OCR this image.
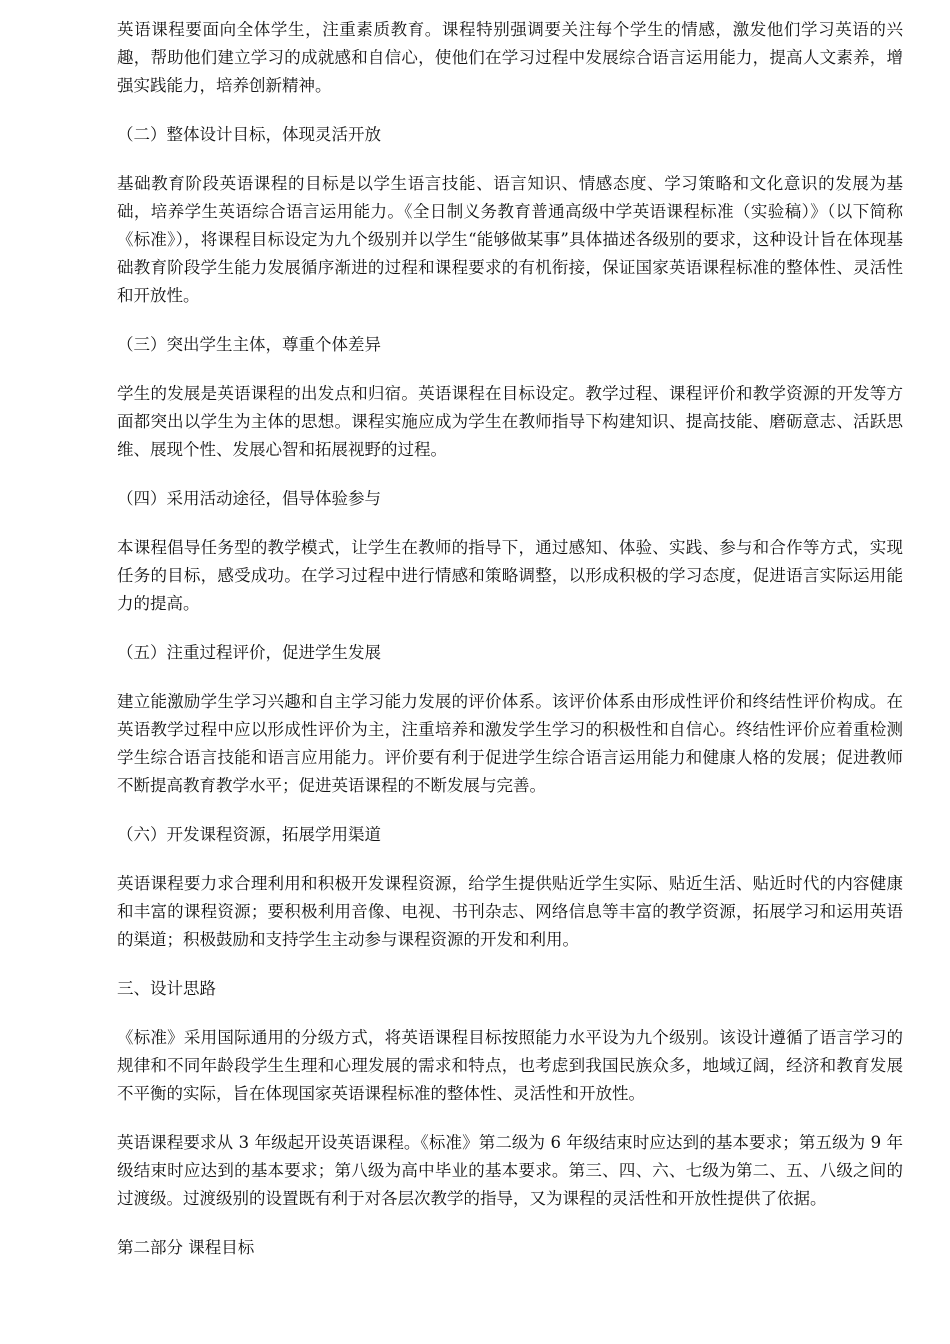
英语课程要面向全体学生，注重素质教育。课程特别强调要关注每个学生的情感，激发他们学习英语的兴趣，帮助他们建立学习的成就感和自信心，使他们在学习过程中发展综合语言运用能力，提高人文素养，增强实践能力，培养创新精神。

（二）整体设计目标，体现灵活开放

基础教育阶段英语课程的目标是以学生语言技能、语言知识、情感态度、学习策略和文化意识的发展为基础，培养学生英语综合语言运用能力。《全日制义务教育普通高级中学英语课程标准（实验稿）》（以下简称《标准》），将课程目标设定为九个级别并以学生“能够做某事”具体描述各级别的要求，这种设计旨在体现基础教育阶段学生能力发展循序渐进的过程和课程要求的有机衔接，保证国家英语课程标准的整体性、灵活性和开放性。

（三）突出学生主体，尊重个体差异

学生的发展是英语课程的出发点和归宿。英语课程在目标设定。教学过程、课程评价和教学资源的开发等方面都突出以学生为主体的思想。课程实施应成为学生在教师指导下构建知识、提高技能、磨砺意志、活跃思维、展现个性、发展心智和拓展视野的过程。

（四）采用活动途径，倡导体验参与

本课程倡导任务型的教学模式，让学生在教师的指导下，通过感知、体验、实践、参与和合作等方式，实现任务的目标，感受成功。在学习过程中进行情感和策略调整，以形成积极的学习态度，促进语言实际运用能力的提高。

（五）注重过程评价，促进学生发展

建立能激励学生学习兴趣和自主学习能力发展的评价体系。该评价体系由形成性评价和终结性评价构成。在英语教学过程中应以形成性评价为主，注重培养和激发学生学习的积极性和自信心。终结性评价应着重检测学生综合语言技能和语言应用能力。评价要有利于促进学生综合语言运用能力和健康人格的发展；促进教师不断提高教育教学水平；促进英语课程的不断发展与完善。

（六）开发课程资源，拓展学用渠道

英语课程要力求合理利用和积极开发课程资源，给学生提供贴近学生实际、贴近生活、贴近时代的内容健康和丰富的课程资源；要积极利用音像、电视、书刊杂志、网络信息等丰富的教学资源，拓展学习和运用英语的渠道；积极鼓励和支持学生主动参与课程资源的开发和利用。

三、设计思路

《标准》采用国际通用的分级方式，将英语课程目标按照能力水平设为九个级别。该设计遵循了语言学习的规律和不同年龄段学生生理和心理发展的需求和特点，也考虑到我国民族众多，地域辽阔，经济和教育发展不平衡的实际，旨在体现国家英语课程标准的整体性、灵活性和开放性。

英语课程要求从 3 年级起开设英语课程。《标准》第二级为 6 年级结束时应达到的基本要求；第五级为 9 年级结束时应达到的基本要求；第八级为高中毕业的基本要求。第三、四、六、七级为第二、五、八级之间的过渡级。过渡级别的设置既有利于对各层次教学的指导，又为课程的灵活性和开放性提供了依据。

第二部分 课程目标
